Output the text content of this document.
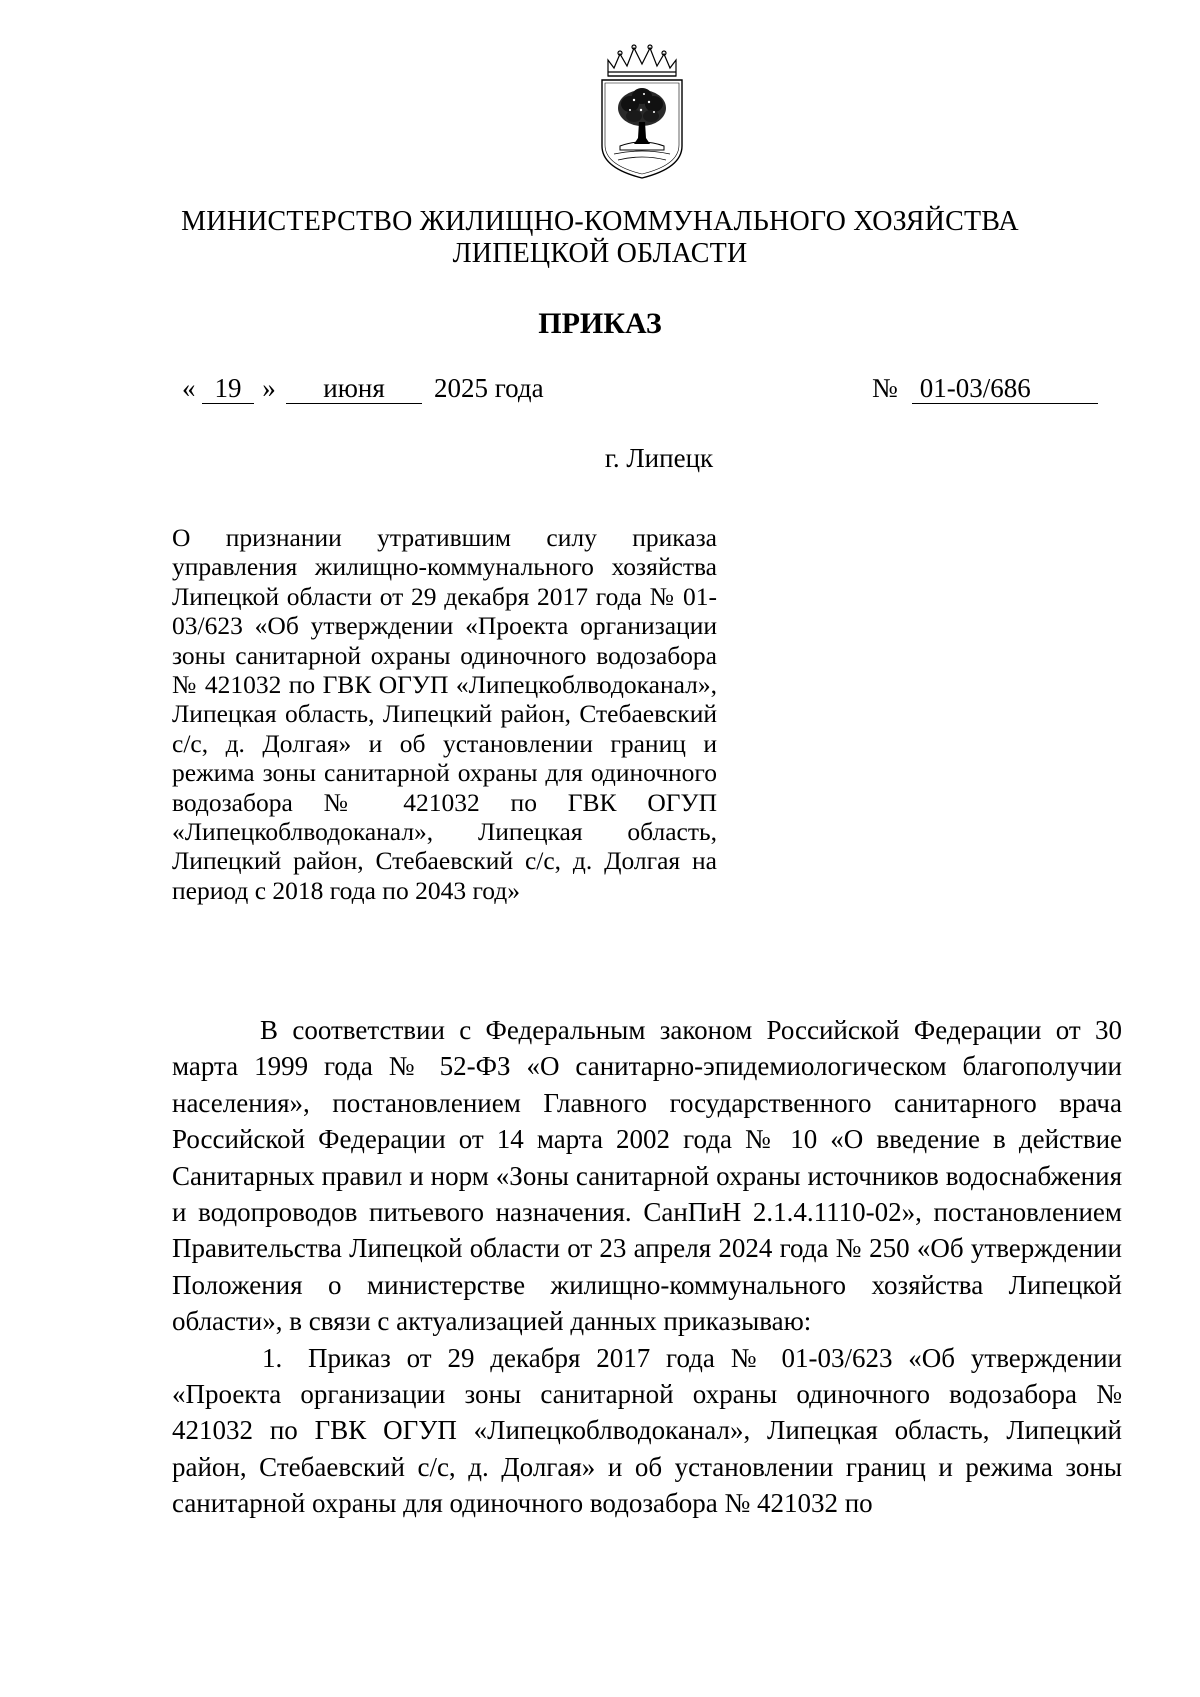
МИНИСТЕРСТВО ЖИЛИЩНО-КОММУНАЛЬНОГО ХОЗЯЙСТВА
ЛИПЕЦКОЙ ОБЛАСТИ
ПРИКАЗ
« 19 » июня 2025 года	№ 01-03/686
г. Липецк
О признании утратившим силу приказа управления жилищно-коммунального хозяйства Липецкой области от 29 декабря 2017 года № 01-03/623 «Об утверждении «Проекта организации зоны санитарной охраны одиночного водозабора № 421032 по ГВК ОГУП «Липецкоблводоканал», Липецкая область, Липецкий район, Стебаевский с/с, д. Долгая» и об установлении границ и режима зоны санитарной охраны для одиночного водозабора № 421032 по ГВК ОГУП «Липецкоблводоканал», Липецкая область, Липецкий район, Стебаевский с/с, д. Долгая на период с 2018 года по 2043 год»

В соответствии с Федеральным законом Российской Федерации от 30 марта 1999 года № 52-ФЗ «О санитарно-эпидемиологическом благополучии населения», постановлением Главного государственного санитарного врача Российской Федерации от 14 марта 2002 года № 10 «О введение в действие Санитарных правил и норм «Зоны санитарной охраны источников водоснабжения и водопроводов питьевого назначения. СанПиН 2.1.4.1110-02», постановлением Правительства Липецкой области от 23 апреля 2024 года № 250 «Об утверждении Положения о министерстве жилищно-коммунального хозяйства Липецкой области», в связи с актуализацией данных приказываю:

1. Приказ от 29 декабря 2017 года № 01-03/623 «Об утверждении «Проекта организации зоны санитарной охраны одиночного водозабора № 421032 по ГВК ОГУП «Липецкоблводоканал», Липецкая область, Липецкий район, Стебаевский с/с, д. Долгая» и об установлении границ и режима зоны санитарной охраны для одиночного водозабора № 421032 по
